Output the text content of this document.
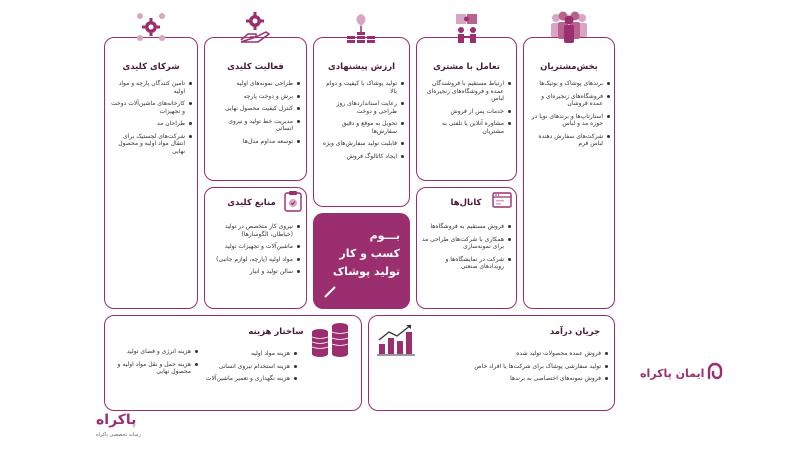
بخش‌مشتریان
برندهای پوشاک و بوتیک‌ها
فروشگاه‌های زنجیره‌ای و عمده فروشان
استارتاپ‌ها و برندهای نوپا در حوزه مد و لباس
شرکت‌های سفارش دهنده لباس فرم
تعامل با مشتری
ارتباط مستقیم با فروشندگان عمده و فروشگاه‌های زنجیره‌ای لباس
خدمات پس از فروش
مشاوره آنلاین یا تلفنی به مشتریان
کانال‌ها
فروش مستقیم به فروشگاه‌ها
همکاری با شرکت‌های طراحی مد برای نمونه‌سازی
شرکت در نمایشگاه‌ها و رویدادهای صنعتی
ارزش پیشنهادی
تولید پوشاک با کیفیت و دوام بالا
رعایت استانداردهای روز طراحی و دوخت
تحویل به موقع و دقیق سفارش‌ها
قابلیت تولید سفارش‌های ویژه
ایجاد کاتالوگ فروش
بـــوم
کسب و کار
تولید پوشاک
فعالیت کلیدی
طراحی نمونه‌های اولیه
برش و دوخت پارچه
کنترل کیفیت محصول نهایی
مدیریت خط تولید و نیروی انسانی
توسعه مداوم مدل‌ها
منابع کلیدی
نیروی کار متخصص در تولید (خیاطان، الگوسازها)
ماشین‌آلات و تجهیزات تولید
مواد اولیه (پارچه، لوازم جانبی)
سالن تولید و انبار
شرکای کلیدی
تامین کنندگان پارچه و مواد اولیه
کارخانه‌های ماشین‌آلات دوخت و تجهیزات
طراحان مد
شرکت‌های لجستیک برای انتقال مواد اولیه و محصول نهایی
ساختار هزینه
هزینه انرژی و فضای تولید
هزینه حمل و نقل مواد اولیه و محصول نهایی
هزینه مواد اولیه
هزینه استخدام نیروی انسانی
هزینه نگهداری و تعمیر ماشین‌آلات
جریان درآمد
فروش عمده محصولات تولید شده
تولید سفارشی پوشاک برای شرکت‌ها یا افراد خاص
فروش نمونه‌های اختصاصی به برندها	ایمان پاکراه
پاکراه
رسانه تخصصی پاکراه
